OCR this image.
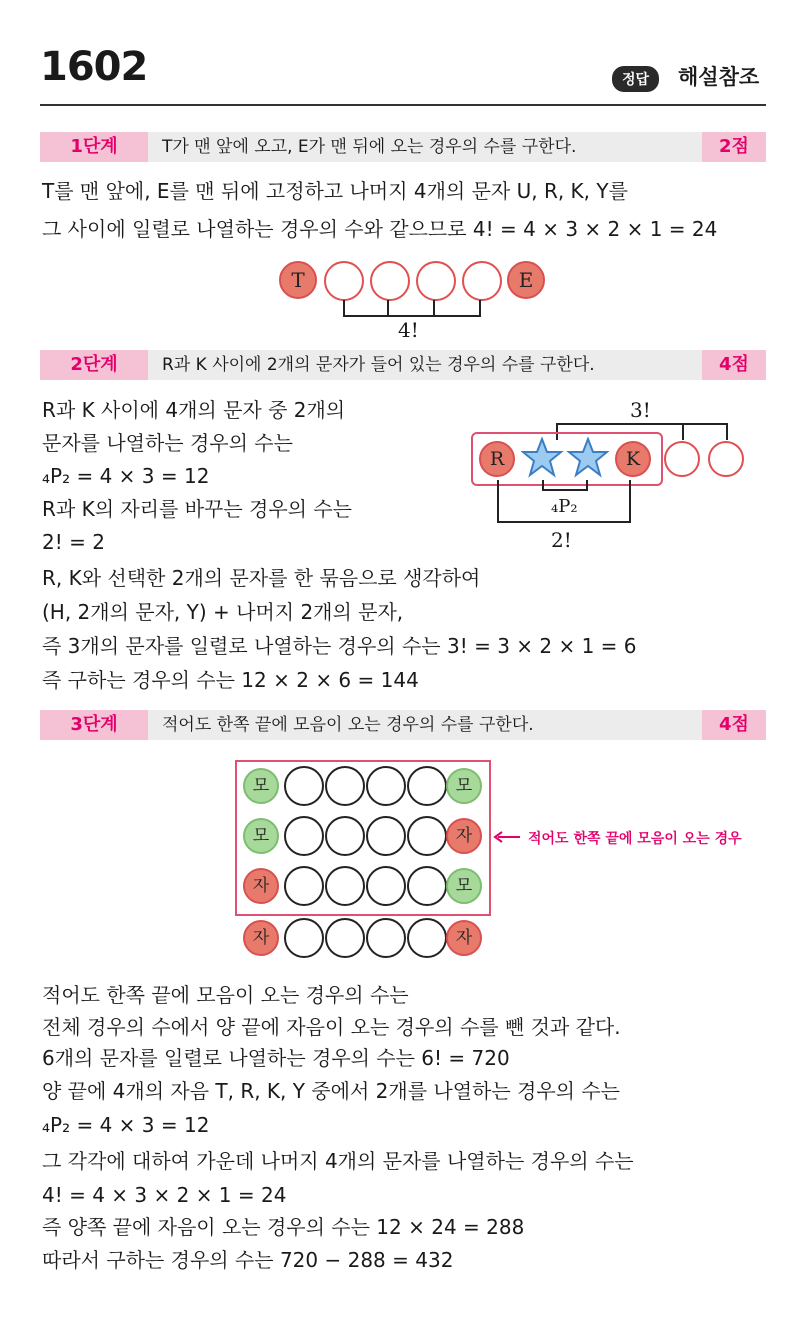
1602	정답	해설참조
1단계	T가 맨 앞에 오고, E가 맨 뒤에 오는 경우의 수를 구한다.	2점
T를 맨 앞에, E를 맨 뒤에 고정하고 나머지 4개의 문자 U, R, K, Y를
그 사이에 일렬로 나열하는 경우의 수와 같으므로 4! = 4 × 3 × 2 × 1 = 24
T	E
4!
2단계	R과 K 사이에 2개의 문자가 들어 있는 경우의 수를 구한다.	4점
R과 K 사이에 4개의 문자 중 2개의
문자를 나열하는 경우의 수는
₄P₂ = 4 × 3 = 12
R과 K의 자리를 바꾸는 경우의 수는
2! = 2
R, K와 선택한 2개의 문자를 한 묶음으로 생각하여
(H, 2개의 문자, Y) + 나머지 2개의 문자,
즉 3개의 문자를 일렬로 나열하는 경우의 수는 3! = 3 × 2 × 1 = 6
즉 구하는 경우의 수는 12 × 2 × 6 = 144
3!
R	K
₄P₂
2!
3단계	적어도 한쪽 끝에 모음이 오는 경우의 수를 구한다.	4점
모	모
모	자
자	모
자	자
적어도 한쪽 끝에 모음이 오는 경우
적어도 한쪽 끝에 모음이 오는 경우의 수는
전체 경우의 수에서 양 끝에 자음이 오는 경우의 수를 뺀 것과 같다.
6개의 문자를 일렬로 나열하는 경우의 수는 6! = 720
양 끝에 4개의 자음 T, R, K, Y 중에서 2개를 나열하는 경우의 수는
₄P₂ = 4 × 3 = 12
그 각각에 대하여 가운데 나머지 4개의 문자를 나열하는 경우의 수는
4! = 4 × 3 × 2 × 1 = 24
즉 양쪽 끝에 자음이 오는 경우의 수는 12 × 24 = 288
따라서 구하는 경우의 수는 720 − 288 = 432
